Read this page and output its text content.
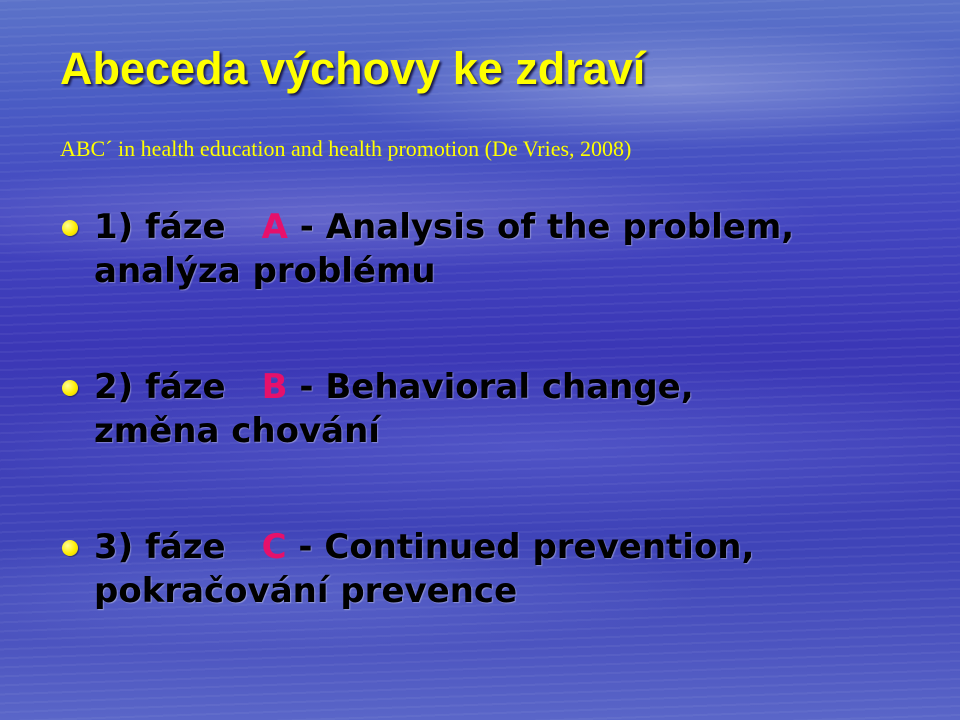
Abeceda výchovy ke zdraví

ABC´ in health education and health promotion (De Vries, 2008)

1) fáze A - Analysis of the problem,
analýza problému
2) fáze B - Behavioral change,
změna chování
3) fáze C - Continued prevention,
pokračování prevence
